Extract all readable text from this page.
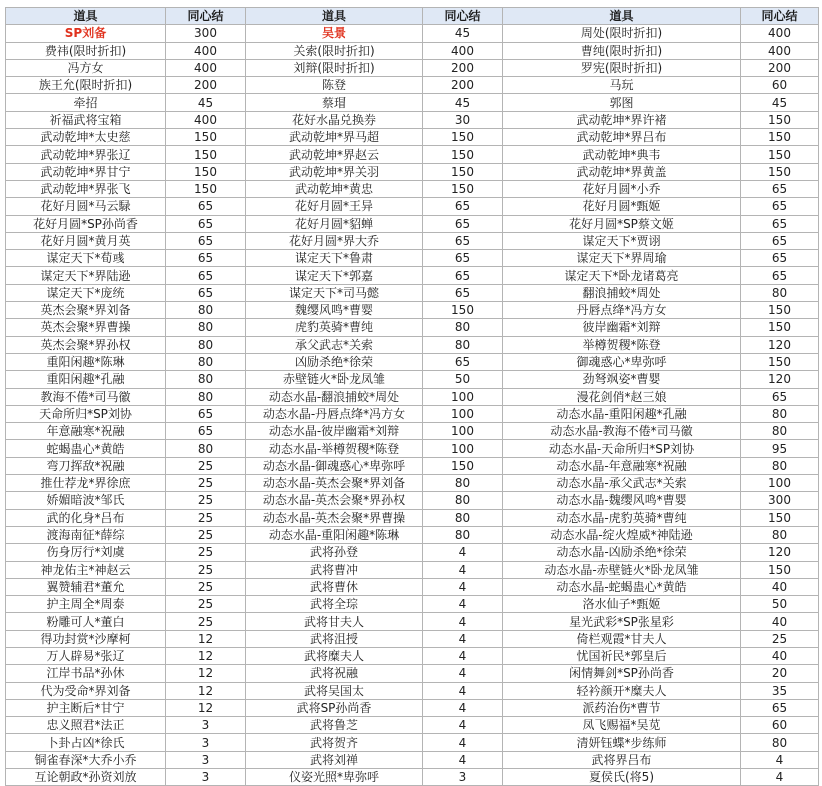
道具	同心结	道具	同心结	道具	同心结
SP刘备	300	吴景	45	周处(限时折扣)	400
费祎(限时折扣)	400	关索(限时折扣)	400	曹纯(限时折扣)	400
冯方女	400	刘辩(限时折扣)	200	罗宪(限时折扣)	200
族王允(限时折扣)	200	陈登	200	马玩	60
牵招	45	蔡瑁	45	郭图	45
祈福武将宝箱	400	花好水晶兑换券	30	武动乾坤*界许褚	150
武动乾坤*太史慈	150	武动乾坤*界马超	150	武动乾坤*界吕布	150
武动乾坤*界张辽	150	武动乾坤*界赵云	150	武动乾坤*典韦	150
武动乾坤*界甘宁	150	武动乾坤*界关羽	150	武动乾坤*界黄盖	150
武动乾坤*界张飞	150	武动乾坤*黄忠	150	花好月圆*小乔	65
花好月圆*马云騄	65	花好月圆*王异	65	花好月圆*甄姬	65
花好月圆*SP孙尚香	65	花好月圆*貂蝉	65	花好月圆*SP蔡文姬	65
花好月圆*黄月英	65	花好月圆*界大乔	65	谋定天下*贾诩	65
谋定天下*荀彧	65	谋定天下*鲁肃	65	谋定天下*界周瑜	65
谋定天下*界陆逊	65	谋定天下*郭嘉	65	谋定天下*卧龙诸葛亮	65
谋定天下*庞统	65	谋定天下*司马懿	65	翻浪捕蛟*周处	80
英杰会聚*界刘备	80	魏缨风鸣*曹婴	150	丹唇点绛*冯方女	150
英杰会聚*界曹操	80	虎豹英骑*曹纯	80	彼岸幽霜*刘辩	150
英杰会聚*界孙权	80	承父武志*关索	80	举樽贺稷*陈登	120
重阳闲趣*陈琳	80	凶励杀绝*徐荣	65	御魂惑心*卑弥呼	150
重阳闲趣*孔融	80	赤壁链火*卧龙凤雏	50	劲弩飒姿*曹婴	120
教海不倦*司马徽	80	动态水晶-翻浪捕蛟*周处	100	漫花剑俏*赵三娘	65
天命所归*SP刘协	65	动态水晶-丹唇点绛*冯方女	100	动态水晶-重阳闲趣*孔融	80
年意融寒*祝融	65	动态水晶-彼岸幽霜*刘辩	100	动态水晶-教海不倦*司马徽	80
蛇蝎蛊心*黄皓	80	动态水晶-举樽贺稷*陈登	100	动态水晶-天命所归*SP刘协	95
弯刀挥敌*祝融	25	动态水晶-御魂惑心*卑弥呼	150	动态水晶-年意融寒*祝融	80
推仕荐龙*界徐庶	25	动态水晶-英杰会聚*界刘备	80	动态水晶-承父武志*关索	100
娇媚暗波*邹氏	25	动态水晶-英杰会聚*界孙权	80	动态水晶-魏缨风鸣*曹婴	300
武的化身*吕布	25	动态水晶-英杰会聚*界曹操	80	动态水晶-虎豹英骑*曹纯	150
渡海南征*薛综	25	动态水晶-重阳闲趣*陈琳	80	动态水晶-绽火煌威*神陆逊	80
伤身厉行*刘虞	25	武将孙登	4	动态水晶-凶励杀绝*徐荣	120
神龙佑主*神赵云	25	武将曹冲	4	动态水晶-赤壁链火*卧龙凤雏	150
翼赞辅君*董允	25	武将曹休	4	动态水晶-蛇蝎蛊心*黄皓	40
护主周全*周泰	25	武将全琮	4	洛水仙子*甄姬	50
粉雕可人*董白	25	武将甘夫人	4	星光武彩*SP张星彩	40
得功封赏*沙摩柯	12	武将沮授	4	倚栏观霞*甘夫人	25
万人辟易*张辽	12	武将糜夫人	4	忧国祈民*郭皇后	40
江岸书品*孙休	12	武将祝融	4	闲情舞剑*SP孙尚香	20
代为受命*界刘备	12	武将吴国太	4	轻衿颜开*糜夫人	35
护主断后*甘宁	12	武将SP孙尚香	4	派药治伤*曹节	65
忠义照君*法正	3	武将鲁芝	4	凤飞赐福*吴苋	60
卜卦占凶*徐氏	3	武将贺齐	4	清妍钰蝶*步练师	80
铜雀春深*大乔小乔	3	武将刘禅	4	武将界吕布	4
互论朝政*孙资刘放	3	仪姿光照*卑弥呼	3	夏侯氏(将5)	4
